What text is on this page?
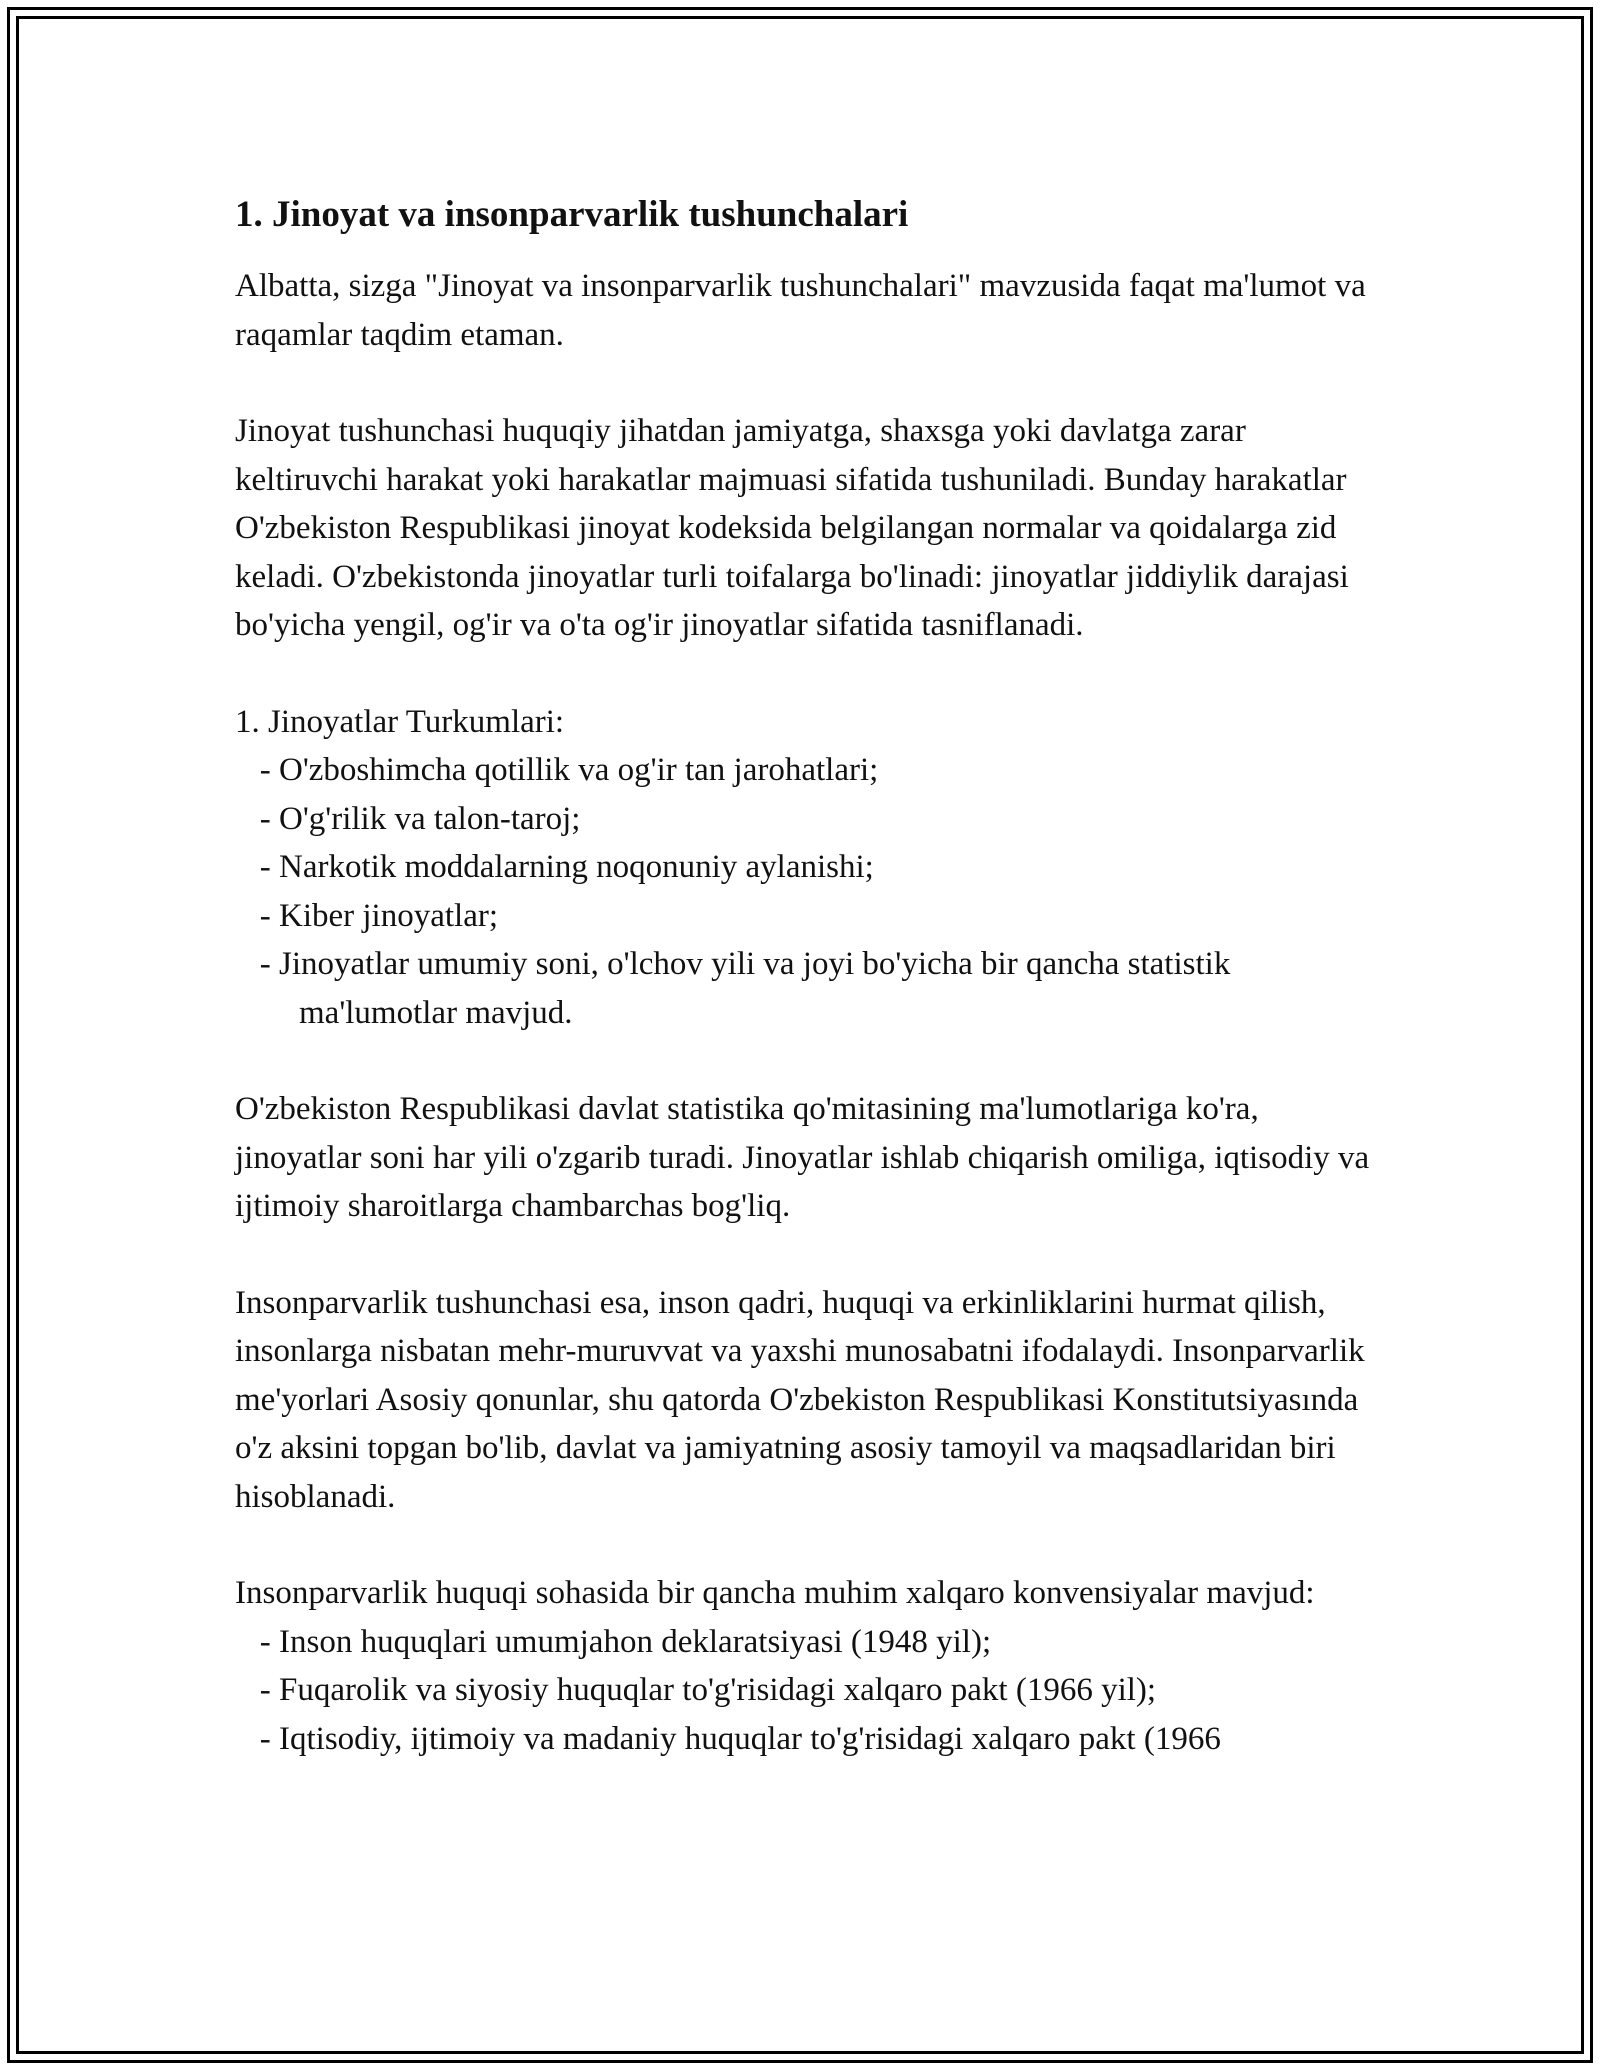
1. Jinoyat va insonparvarlik tushunchalari

Albatta, sizga "Jinoyat va insonparvarlik tushunchalari" mavzusida faqat ma'lumot va raqamlar taqdim etaman.

Jinoyat tushunchasi huquqiy jihatdan jamiyatga, shaxsga yoki davlatga zarar keltiruvchi harakat yoki harakatlar majmuasi sifatida tushuniladi. Bunday harakatlar O'zbekiston Respublikasi jinoyat kodeksida belgilangan normalar va qoidalarga zid keladi. O'zbekistonda jinoyatlar turli toifalarga bo'linadi: jinoyatlar jiddiylik darajasi bo'yicha yengil, og'ir va o'ta og'ir jinoyatlar sifatida tasniflanadi.

1. Jinoyatlar Turkumlari:
- O'zboshimcha qotillik va og'ir tan jarohatlari;
- O'g'rilik va talon-taroj;
- Narkotik moddalarning noqonuniy aylanishi;
- Kiber jinoyatlar;
- Jinoyatlar umumiy soni, o'lchov yili va joyi bo'yicha bir qancha statistik ma'lumotlar mavjud.

O'zbekiston Respublikasi davlat statistika qo'mitasining ma'lumotlariga ko'ra, jinoyatlar soni har yili o'zgarib turadi. Jinoyatlar ishlab chiqarish omiliga, iqtisodiy va ijtimoiy sharoitlarga chambarchas bog'liq.

Insonparvarlik tushunchasi esa, inson qadri, huquqi va erkinliklarini hurmat qilish, insonlarga nisbatan mehr-muruvvat va yaxshi munosabatni ifodalaydi. Insonparvarlik me'yorlari Asosiy qonunlar, shu qatorda O'zbekiston Respublikasi Konstitutsiyasında o'z aksini topgan bo'lib, davlat va jamiyatning asosiy tamoyil va maqsadlaridan biri hisoblanadi.

Insonparvarlik huquqi sohasida bir qancha muhim xalqaro konvensiyalar mavjud:
- Inson huquqlari umumjahon deklaratsiyasi (1948 yil);
- Fuqarolik va siyosiy huquqlar to'g'risidagi xalqaro pakt (1966 yil);
- Iqtisodiy, ijtimoiy va madaniy huquqlar to'g'risidagi xalqaro pakt (1966
